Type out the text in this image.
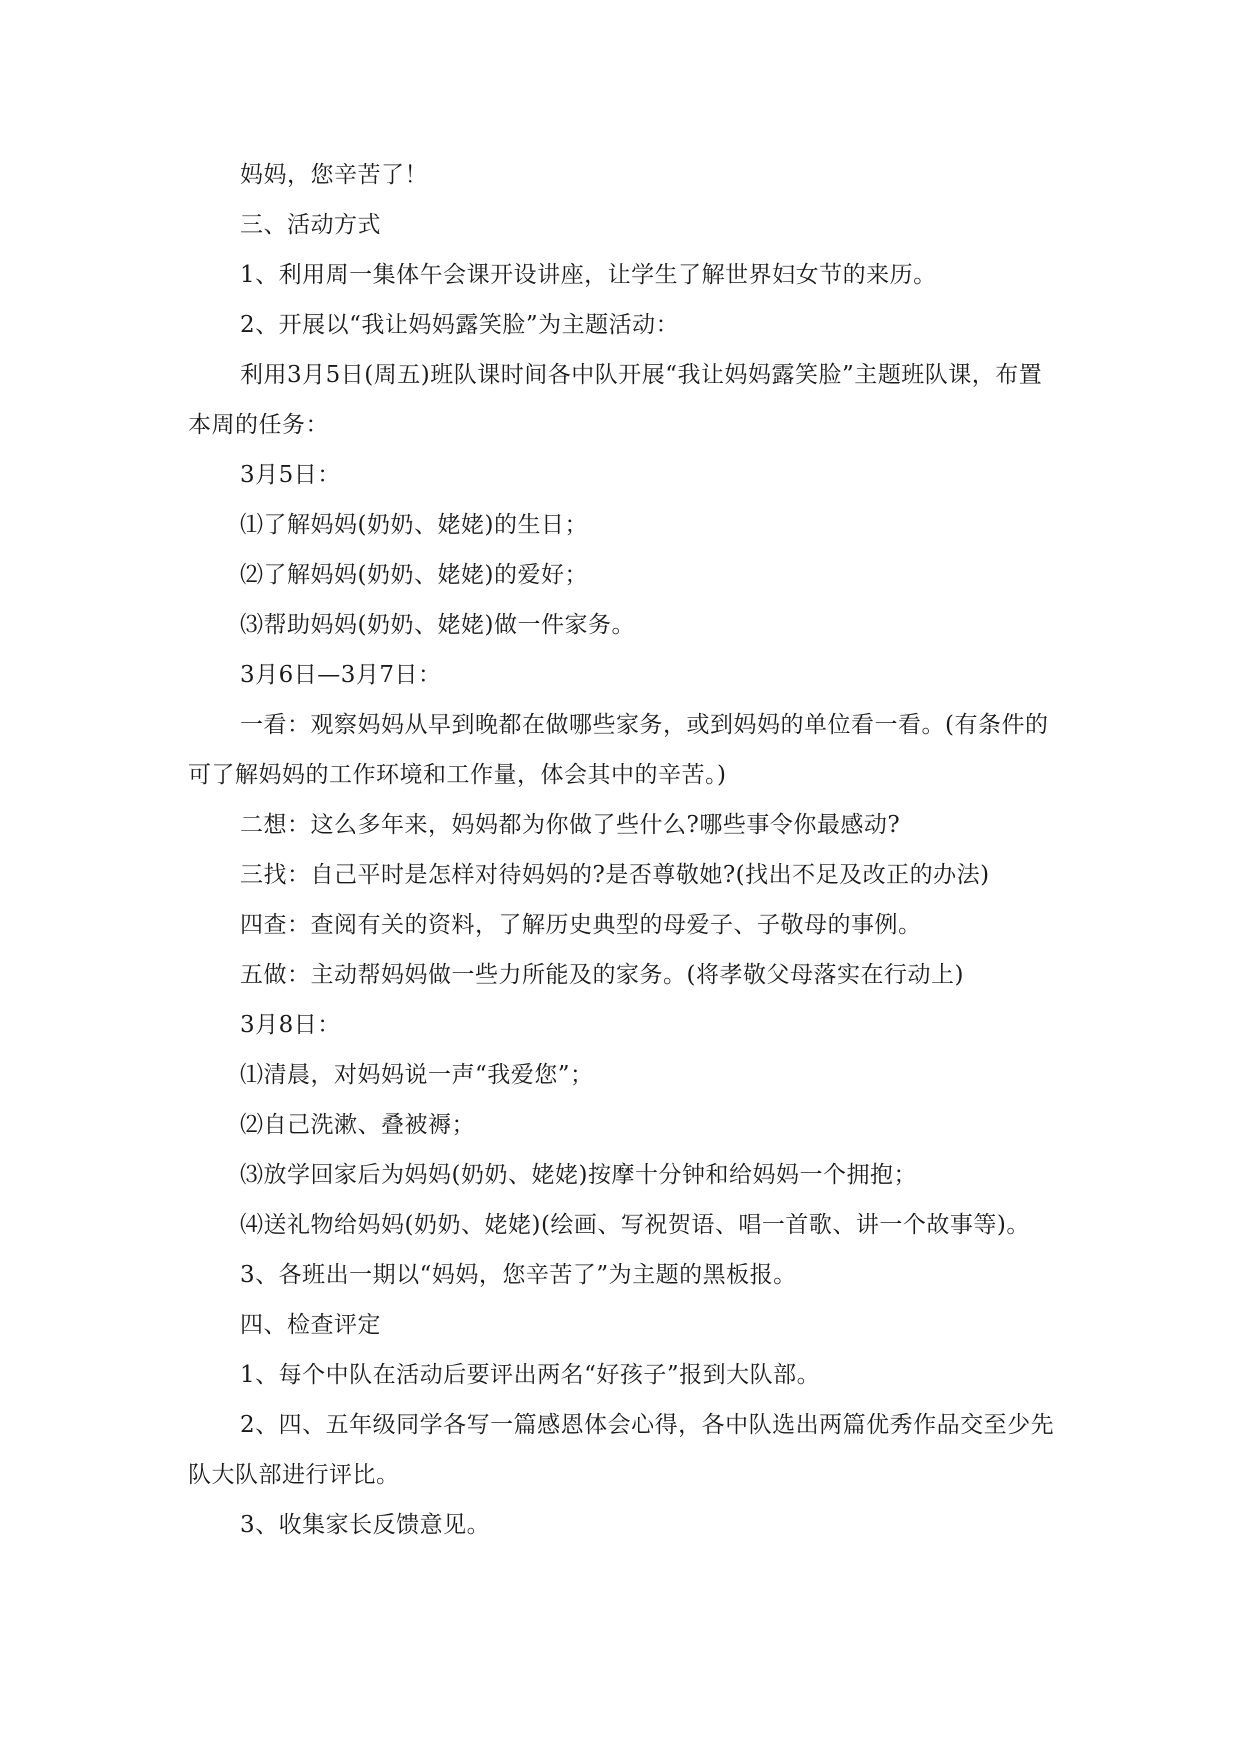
妈妈，您辛苦了！

三、活动方式

1、利用周一集体午会课开设讲座，让学生了解世界妇女节的来历。

2、开展以“我让妈妈露笑脸”为主题活动：

利用3月5日(周五)班队课时间各中队开展“我让妈妈露笑脸”主题班队课，布置本周的任务：

3月5日：

⑴了解妈妈(奶奶、姥姥)的生日；

⑵了解妈妈(奶奶、姥姥)的爱好；

⑶帮助妈妈(奶奶、姥姥)做一件家务。

3月6日—3月7日：

一看：观察妈妈从早到晚都在做哪些家务，或到妈妈的单位看一看。(有条件的可了解妈妈的工作环境和工作量，体会其中的辛苦。)

二想：这么多年来，妈妈都为你做了些什么?哪些事令你最感动?

三找：自己平时是怎样对待妈妈的?是否尊敬她?(找出不足及改正的办法)

四查：查阅有关的资料，了解历史典型的母爱子、子敬母的事例。

五做：主动帮妈妈做一些力所能及的家务。(将孝敬父母落实在行动上)

3月8日：

⑴清晨，对妈妈说一声“我爱您”；

⑵自己洗漱、叠被褥；

⑶放学回家后为妈妈(奶奶、姥姥)按摩十分钟和给妈妈一个拥抱；

⑷送礼物给妈妈(奶奶、姥姥)(绘画、写祝贺语、唱一首歌、讲一个故事等)。

3、各班出一期以“妈妈，您辛苦了”为主题的黑板报。

四、检查评定

1、每个中队在活动后要评出两名“好孩子”报到大队部。

2、四、五年级同学各写一篇感恩体会心得，各中队选出两篇优秀作品交至少先队大队部进行评比。

3、收集家长反馈意见。
